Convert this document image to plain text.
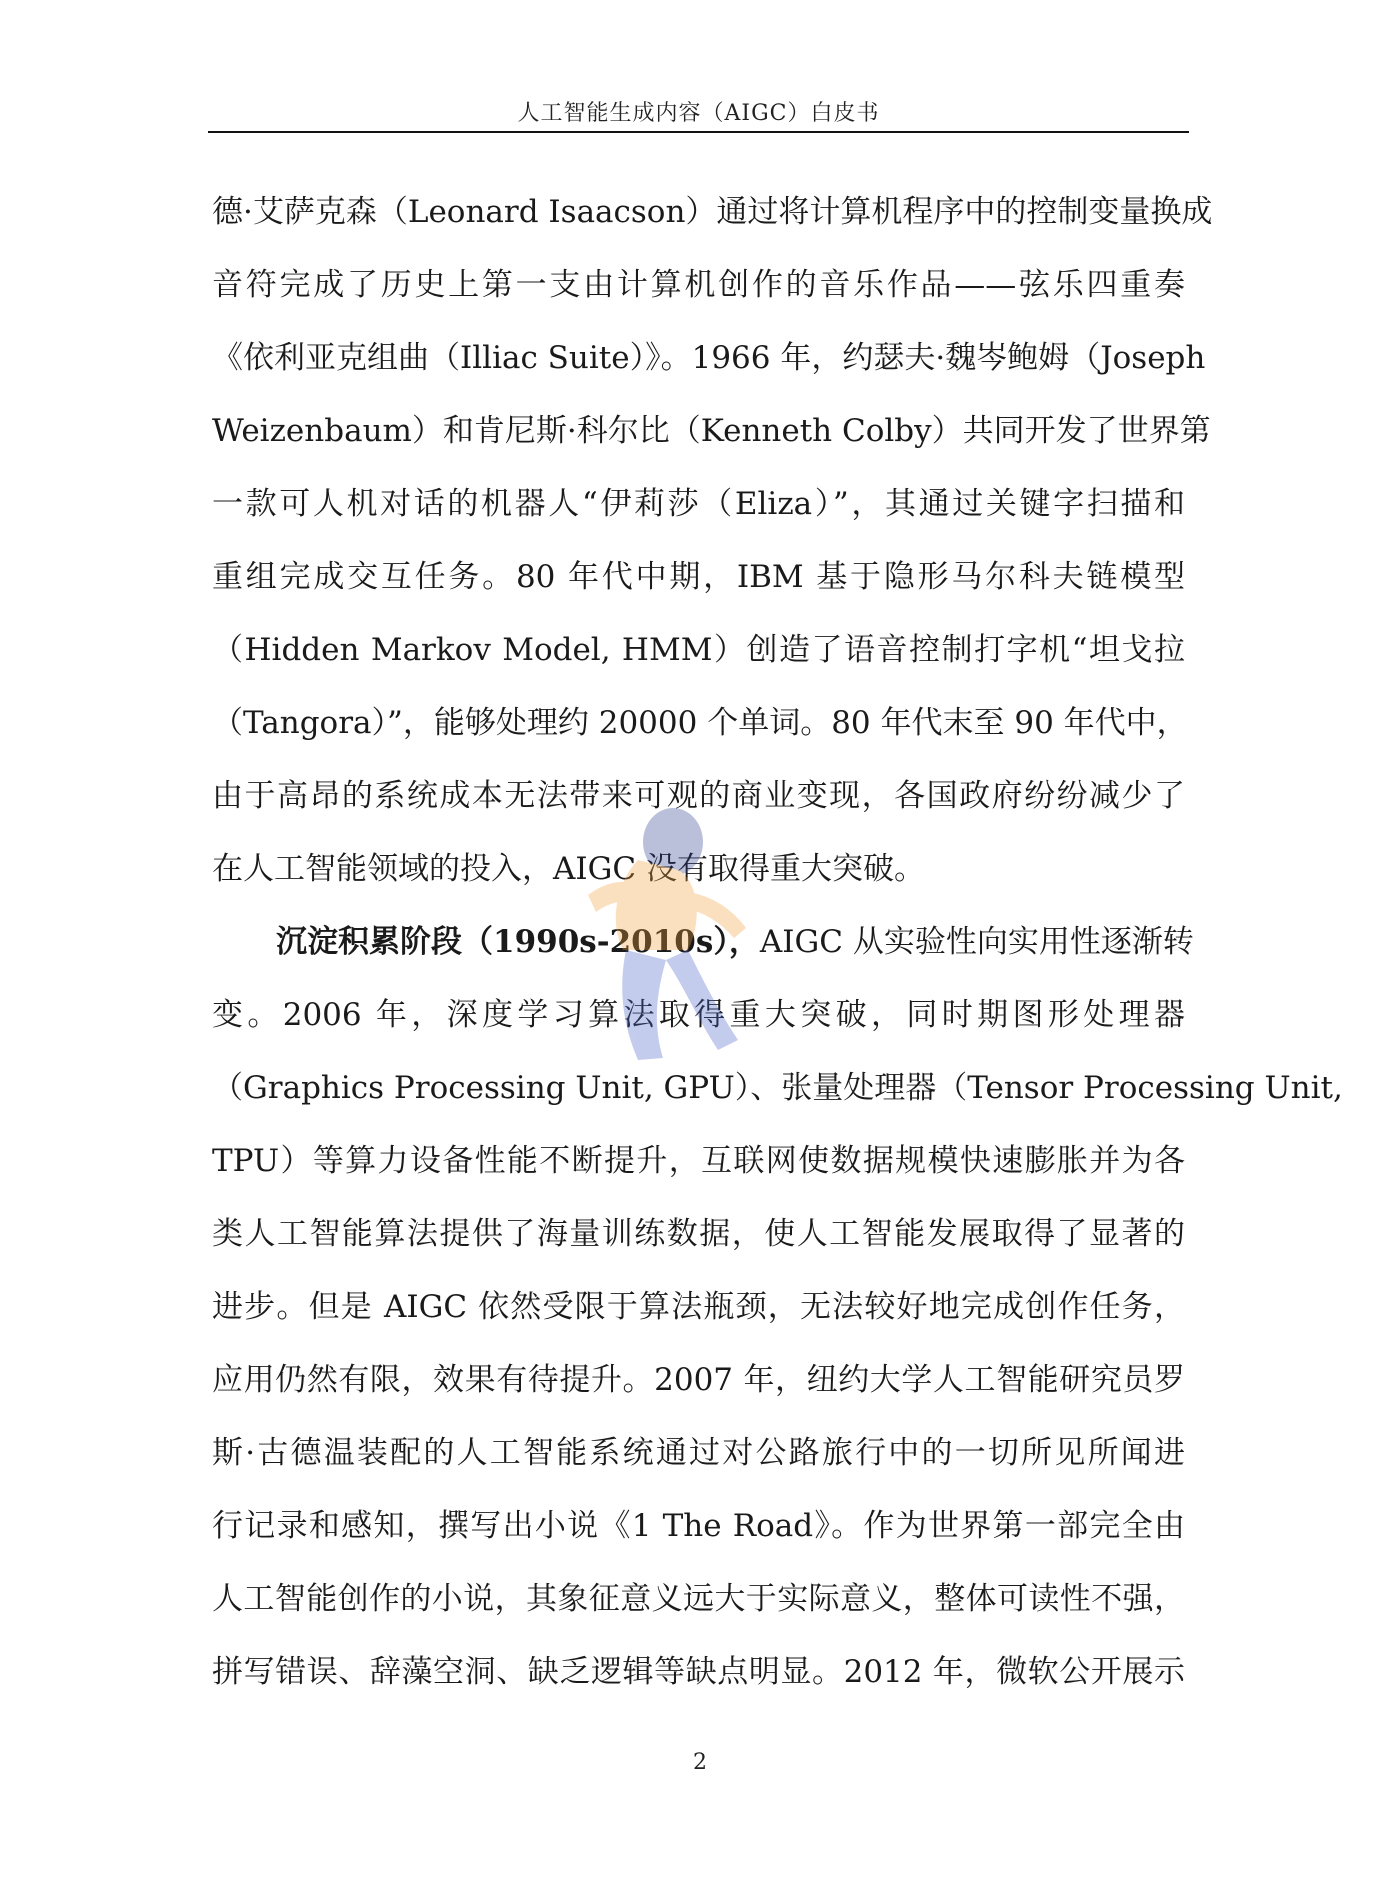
人工智能生成内容（AIGC）白皮书
德·艾萨克森（Leonard Isaacson）通过将计算机程序中的控制变量换成
音符完成了历史上第一支由计算机创作的音乐作品——弦乐四重奏
《依利亚克组曲（Illiac Suite）》。1966 年，约瑟夫·魏岑鲍姆（Joseph
Weizenbaum）和肯尼斯·科尔比（Kenneth Colby）共同开发了世界第
一款可人机对话的机器人“伊莉莎（Eliza）”，其通过关键字扫描和
重组完成交互任务。80 年代中期，IBM 基于隐形马尔科夫链模型
（Hidden Markov Model, HMM）创造了语音控制打字机“坦戈拉
（Tangora）”，能够处理约 20000 个单词。80 年代末至 90 年代中，
由于高昂的系统成本无法带来可观的商业变现，各国政府纷纷减少了
在人工智能领域的投入，AIGC 没有取得重大突破。
沉淀积累阶段（1990s-2010s），AIGC 从实验性向实用性逐渐转
变。2006 年，深度学习算法取得重大突破，同时期图形处理器
（Graphics Processing Unit, GPU）、张量处理器（Tensor Processing Unit,
TPU）等算力设备性能不断提升，互联网使数据规模快速膨胀并为各
类人工智能算法提供了海量训练数据，使人工智能发展取得了显著的
进步。但是 AIGC 依然受限于算法瓶颈，无法较好地完成创作任务，
应用仍然有限，效果有待提升。2007 年，纽约大学人工智能研究员罗
斯·古德温装配的人工智能系统通过对公路旅行中的一切所见所闻进
行记录和感知，撰写出小说《1 The Road》。作为世界第一部完全由
人工智能创作的小说，其象征意义远大于实际意义，整体可读性不强，
拼写错误、辞藻空洞、缺乏逻辑等缺点明显。2012 年，微软公开展示
2
